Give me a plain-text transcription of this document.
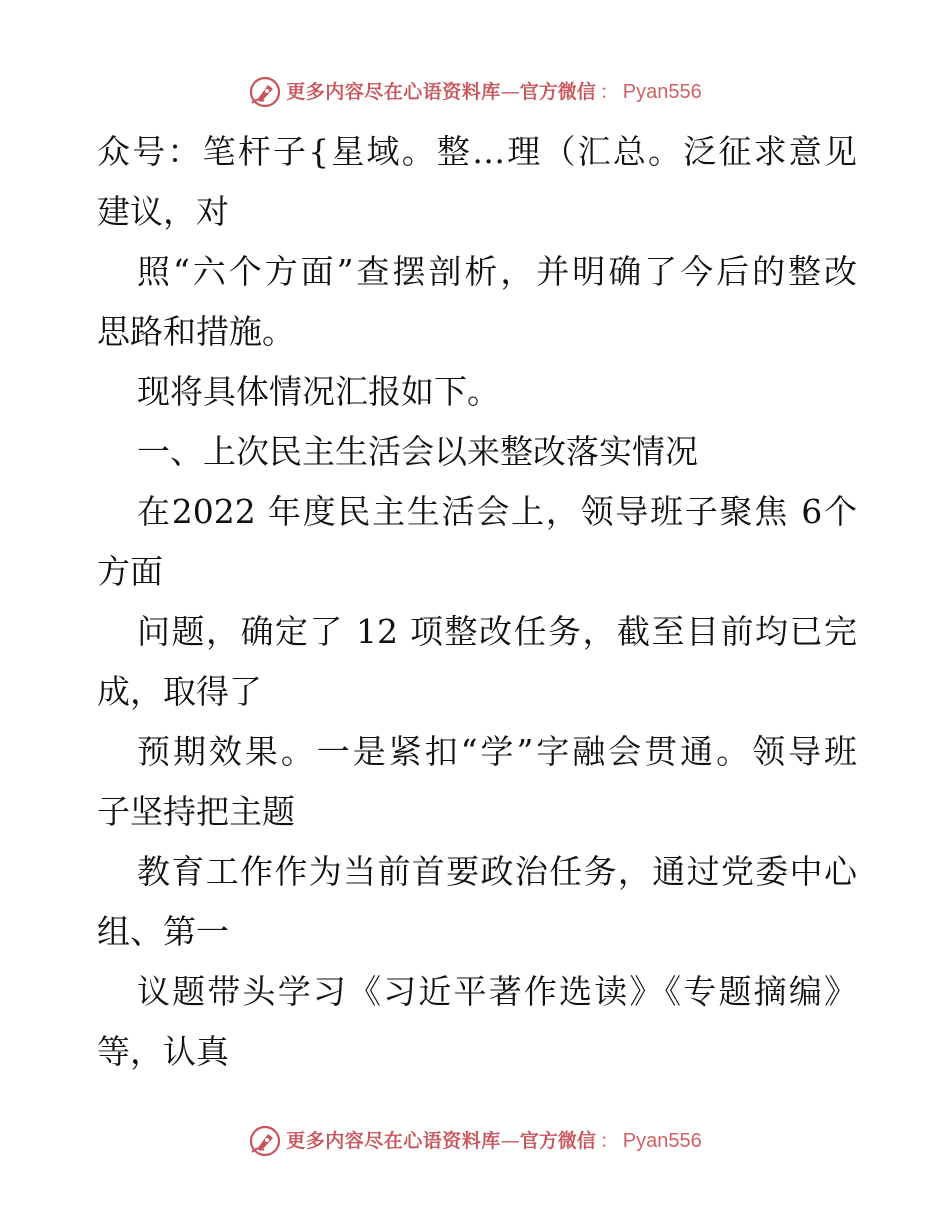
更多内容尽在心语资料库 — 官方微信 ： Pyan556
众号：笔杆子{星域。整…理（汇总。泛征求意见
建议，对
照“六个方面”查摆剖析，并明确了今后的整改
思路和措施。
现将具体情况汇报如下。
一、上次民主生活会以来整改落实情况
在2022 年度民主生活会上，领导班子聚焦 6个
方面
问题，确定了 12 项整改任务，截至目前均已完
成，取得了
预期效果。一是紧扣“学”字融会贯通。领导班
子坚持把主题
教育工作作为当前首要政治任务，通过党委中心
组、第一
议题带头学习《习近平著作选读》《专题摘编》
等，认真
更多内容尽在心语资料库 — 官方微信 ： Pyan556
